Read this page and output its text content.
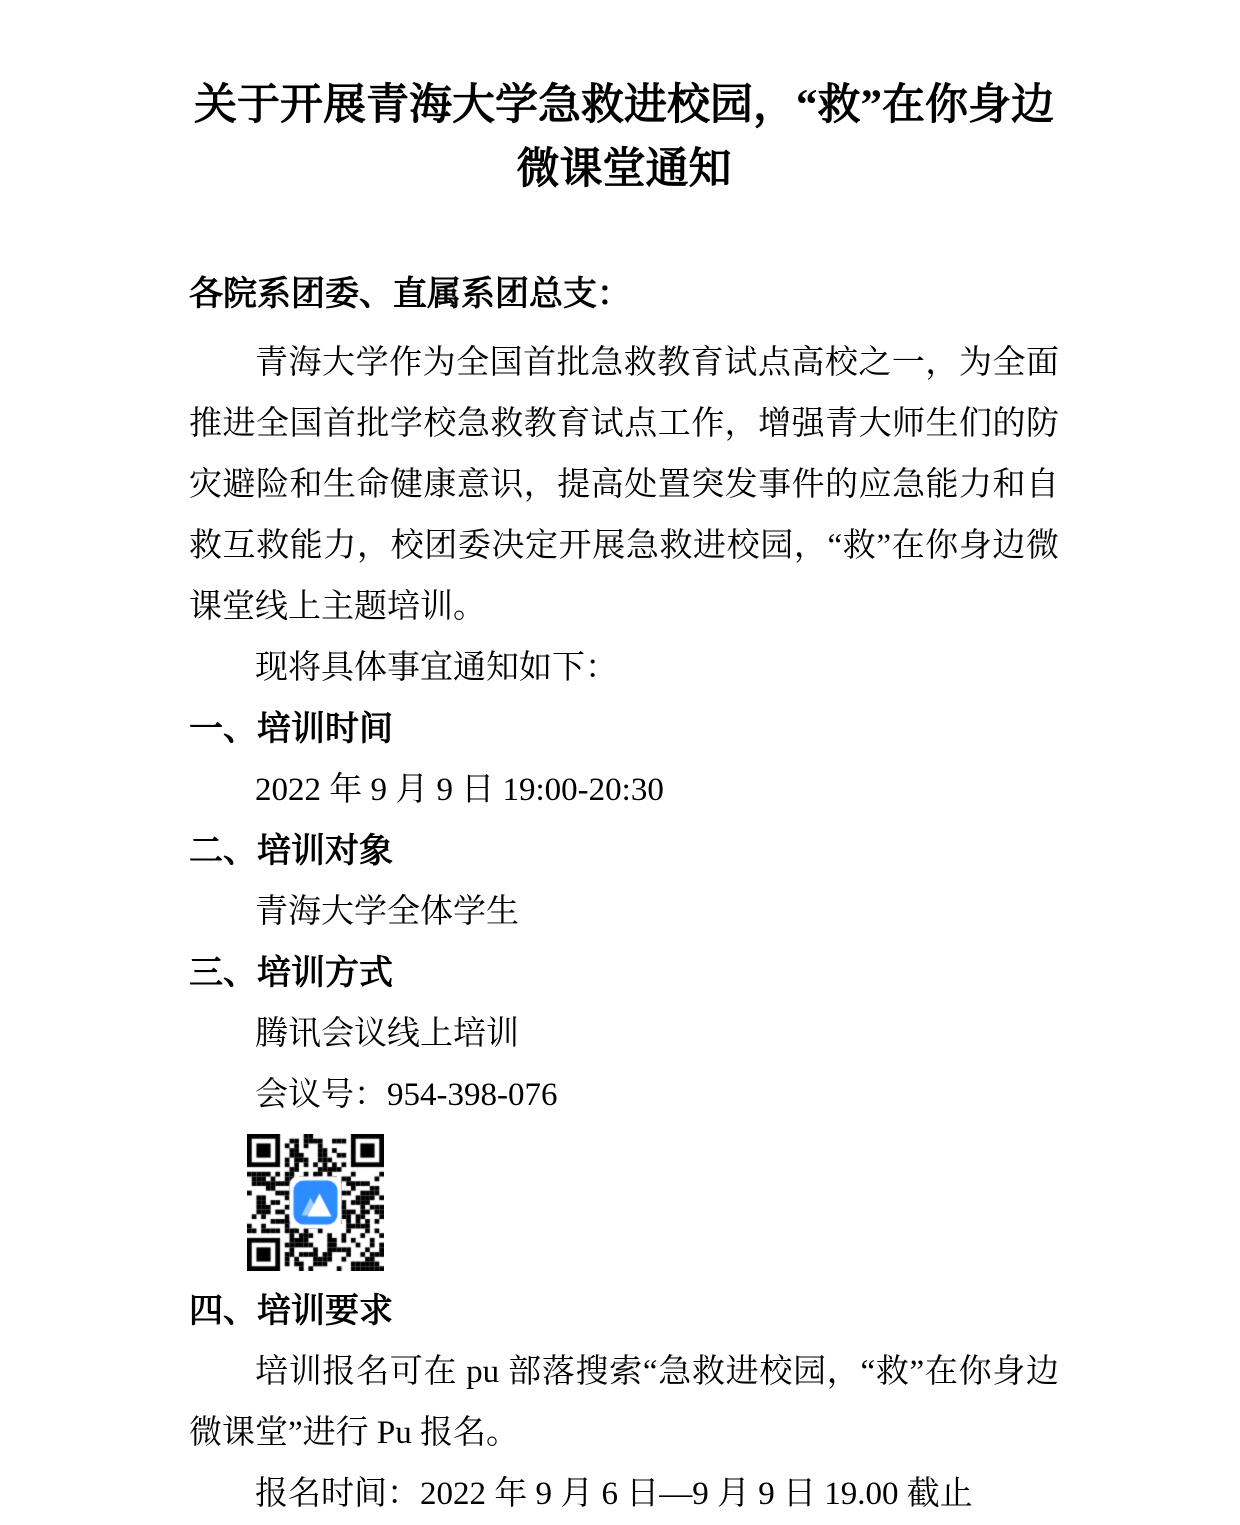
关于开展青海大学急救进校园，“救”在你身边
微课堂通知

各院系团委、直属系团总支：

青海大学作为全国首批急救教育试点高校之一，为全面推进全国首批学校急救教育试点工作，增强青大师生们的防灾避险和生命健康意识，提高处置突发事件的应急能力和自救互救能力，校团委决定开展急救进校园，“救”在你身边微课堂线上主题培训。

现将具体事宜通知如下：

一、培训时间

2022 年 9 月 9 日 19:00-20:30

二、培训对象

青海大学全体学生

三、培训方式

腾讯会议线上培训

会议号：954-398-076

四、培训要求

培训报名可在 pu 部落搜索“急救进校园，“救”在你身边微课堂”进行 Pu 报名。

报名时间：2022 年 9 月 6 日—9 月 9 日 19.00 截止
